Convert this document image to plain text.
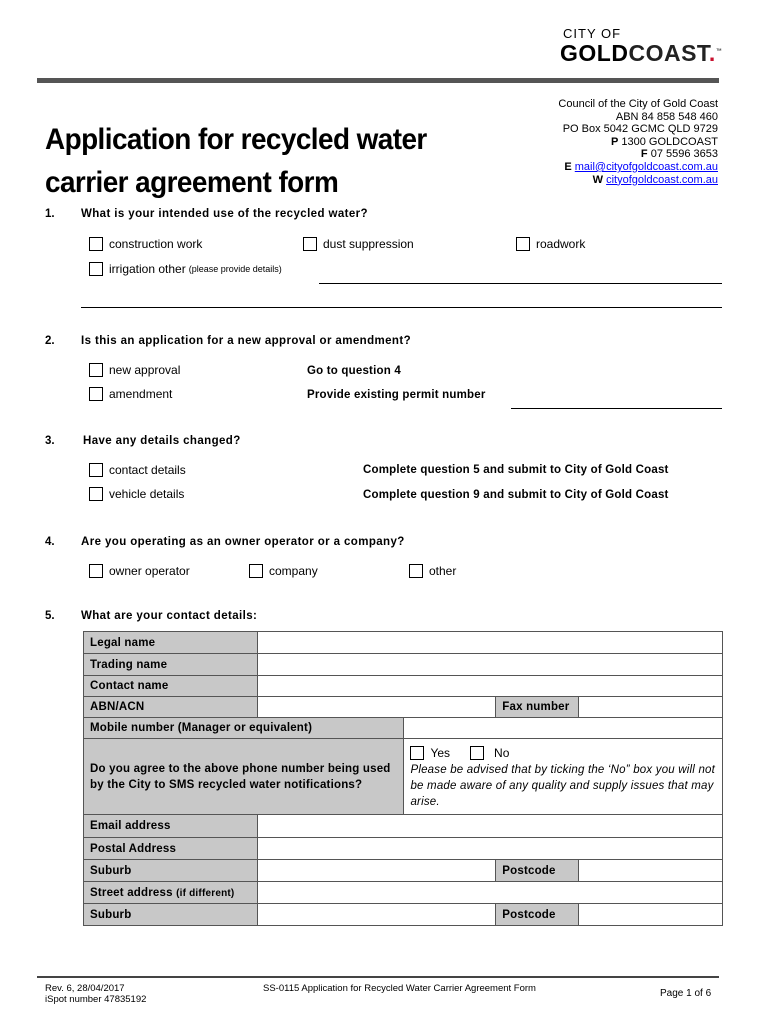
CITY OF
GOLDCOAST.™
Application for recycled water
carrier agreement form
Council of the City of Gold Coast
ABN 84 858 548 460
PO Box 5042 GCMC QLD 9729
P 1300 GOLDCOAST
F 07 5596 3653
E mail@cityofgoldcoast.com.au
W cityofgoldcoast.com.au
1. What is your intended use of the recycled water?
construction work	dust suppression	roadwork
irrigation other (please provide details)
2. Is this an application for a new approval or amendment?
new approval	Go to question 4
amendment	Provide existing permit number
3. Have any details changed?
contact details	Complete question 5 and submit to City of Gold Coast
vehicle details	Complete question 9 and submit to City of Gold Coast
4. Are you operating as an owner operator or a company?
owner operator	company	other
5. What are your contact details:
Legal name				
Trading name				
Contact name				
ABN/ACN			Fax number	
Mobile number (Manager or equivalent)				
Do you agree to the above phone number being used by the City to SMS recycled water notifications?		Yes No
Please be advised that by ticking the ‘No” box you will not be made aware of any quality and supply issues that may arise.		

Email address				
Postal Address				
Suburb			Postcode	
Street address (if different)				
Suburb			Postcode	
Rev. 6, 28/04/2017
iSpot number 47835192
SS-0115 Application for Recycled Water Carrier Agreement Form	Page 1 of 6
